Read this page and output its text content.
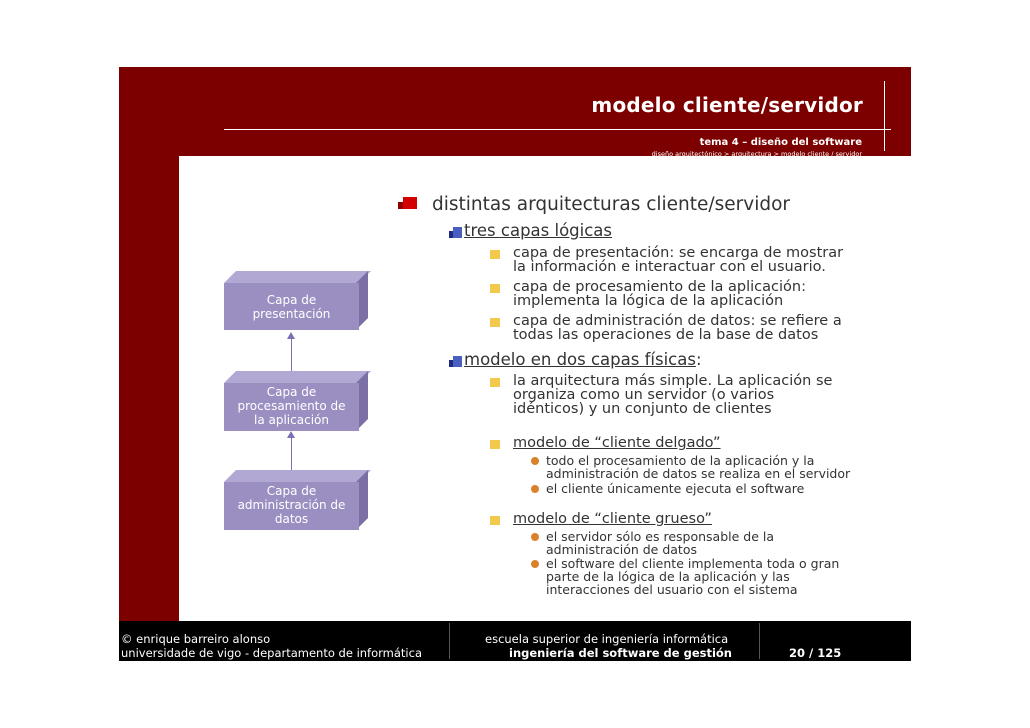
modelo cliente/servidor
tema 4 – diseño del software
diseño arquitectónico > arquitectura > modelo cliente / servidor
Capa de
presentación
Capa de
procesamiento de
la aplicación
Capa de
administración de
datos
distintas arquitecturas cliente/servidor
tres capas lógicas
capa de presentación: se encarga de mostrar
la información e interactuar con el usuario.
capa de procesamiento de la aplicación:
implementa la lógica de la aplicación
capa de administración de datos: se refiere a
todas las operaciones de la base de datos
modelo en dos capas físicas:
la arquitectura más simple. La aplicación se
organiza como un servidor (o varios
idénticos) y un conjunto de clientes
modelo de “cliente delgado”
todo el procesamiento de la aplicación y la
administración de datos se realiza en el servidor
el cliente únicamente ejecuta el software
modelo de “cliente grueso”
el servidor sólo es responsable de la
administración de datos
el software del cliente implementa toda o gran
parte de la lógica de la aplicación y las
interacciones del usuario con el sistema
© enrique barreiro alonso
universidade de vigo - departamento de informática
escuela superior de ingeniería informática
ingeniería del software de gestión	20 / 125
